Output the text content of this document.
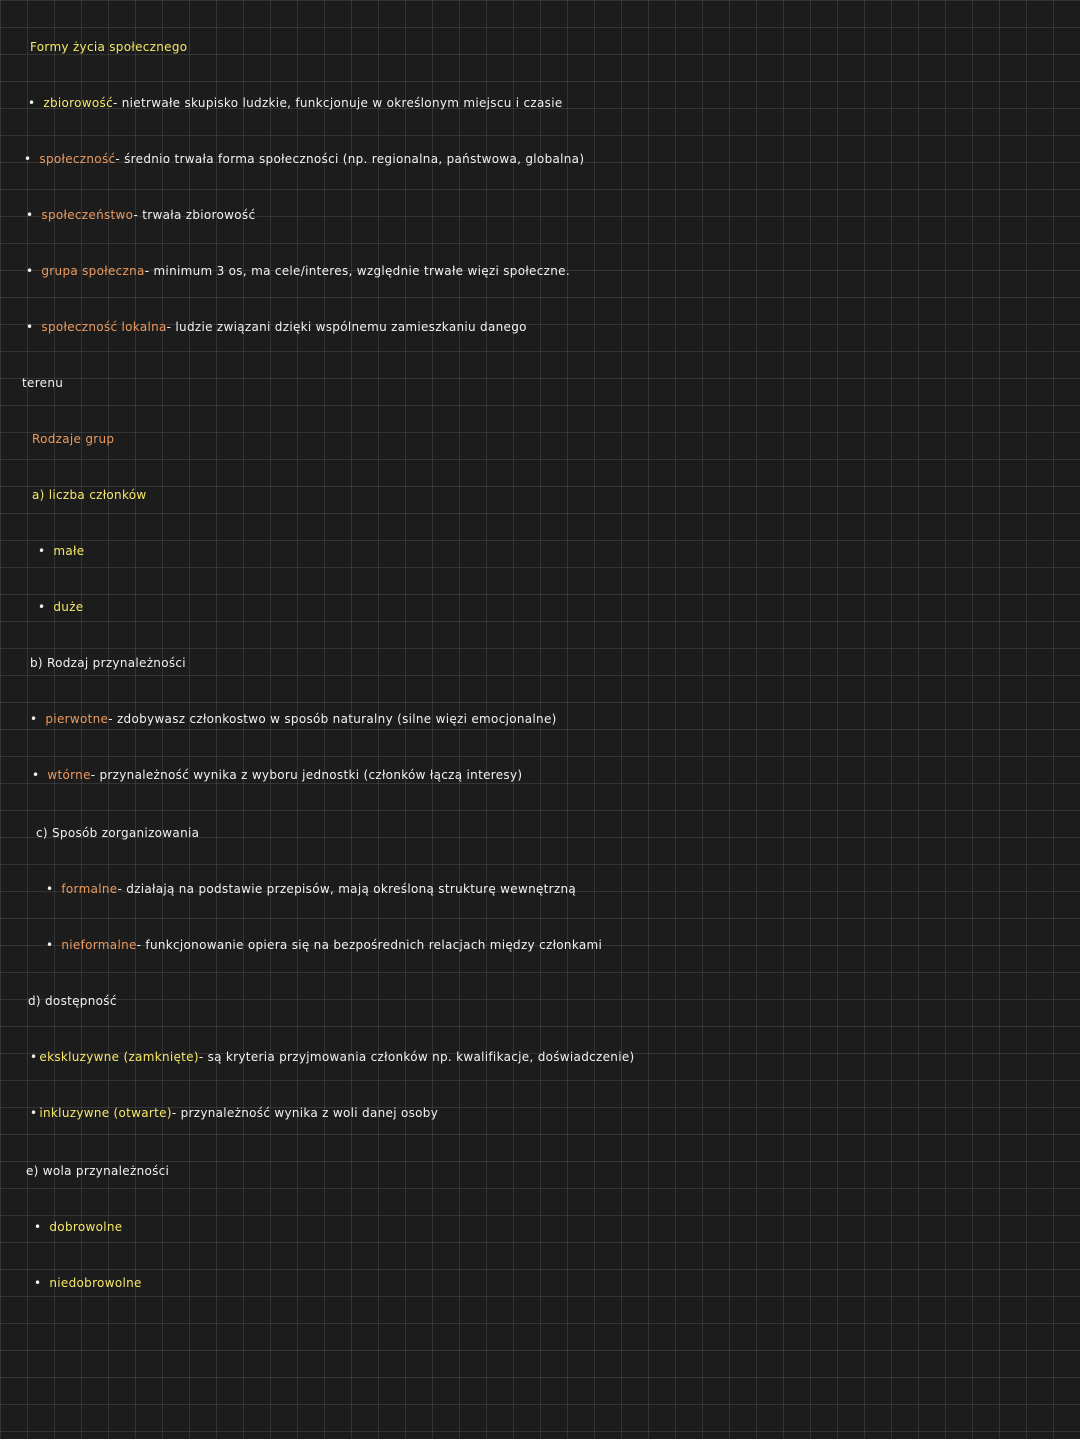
Formy życia społecznego
• zbiorowość- nietrwałe skupisko ludzkie, funkcjonuje w określonym miejscu i czasie
• społeczność- średnio trwała forma społeczności (np. regionalna, państwowa, globalna)
• społeczeństwo- trwała zbiorowość
• grupa społeczna- minimum 3 os, ma cele/interes, względnie trwałe więzi społeczne.
• społeczność lokalna- ludzie związani dzięki wspólnemu zamieszkaniu danego
terenu
Rodzaje grup
a) liczba członków
• małe
• duże
b) Rodzaj przynależności
• pierwotne- zdobywasz członkostwo w sposób naturalny (silne więzi emocjonalne)
• wtórne- przynależność wynika z wyboru jednostki (członków łączą interesy)
c) Sposób zorganizowania
• formalne- działają na podstawie przepisów, mają określoną strukturę wewnętrzną
• nieformalne- funkcjonowanie opiera się na bezpośrednich relacjach między członkami
d) dostępność
• ekskluzywne (zamknięte)- są kryteria przyjmowania członków np. kwalifikacje, doświadczenie)
• inkluzywne (otwarte)- przynależność wynika z woli danej osoby
e) wola przynależności
• dobrowolne
• niedobrowolne
